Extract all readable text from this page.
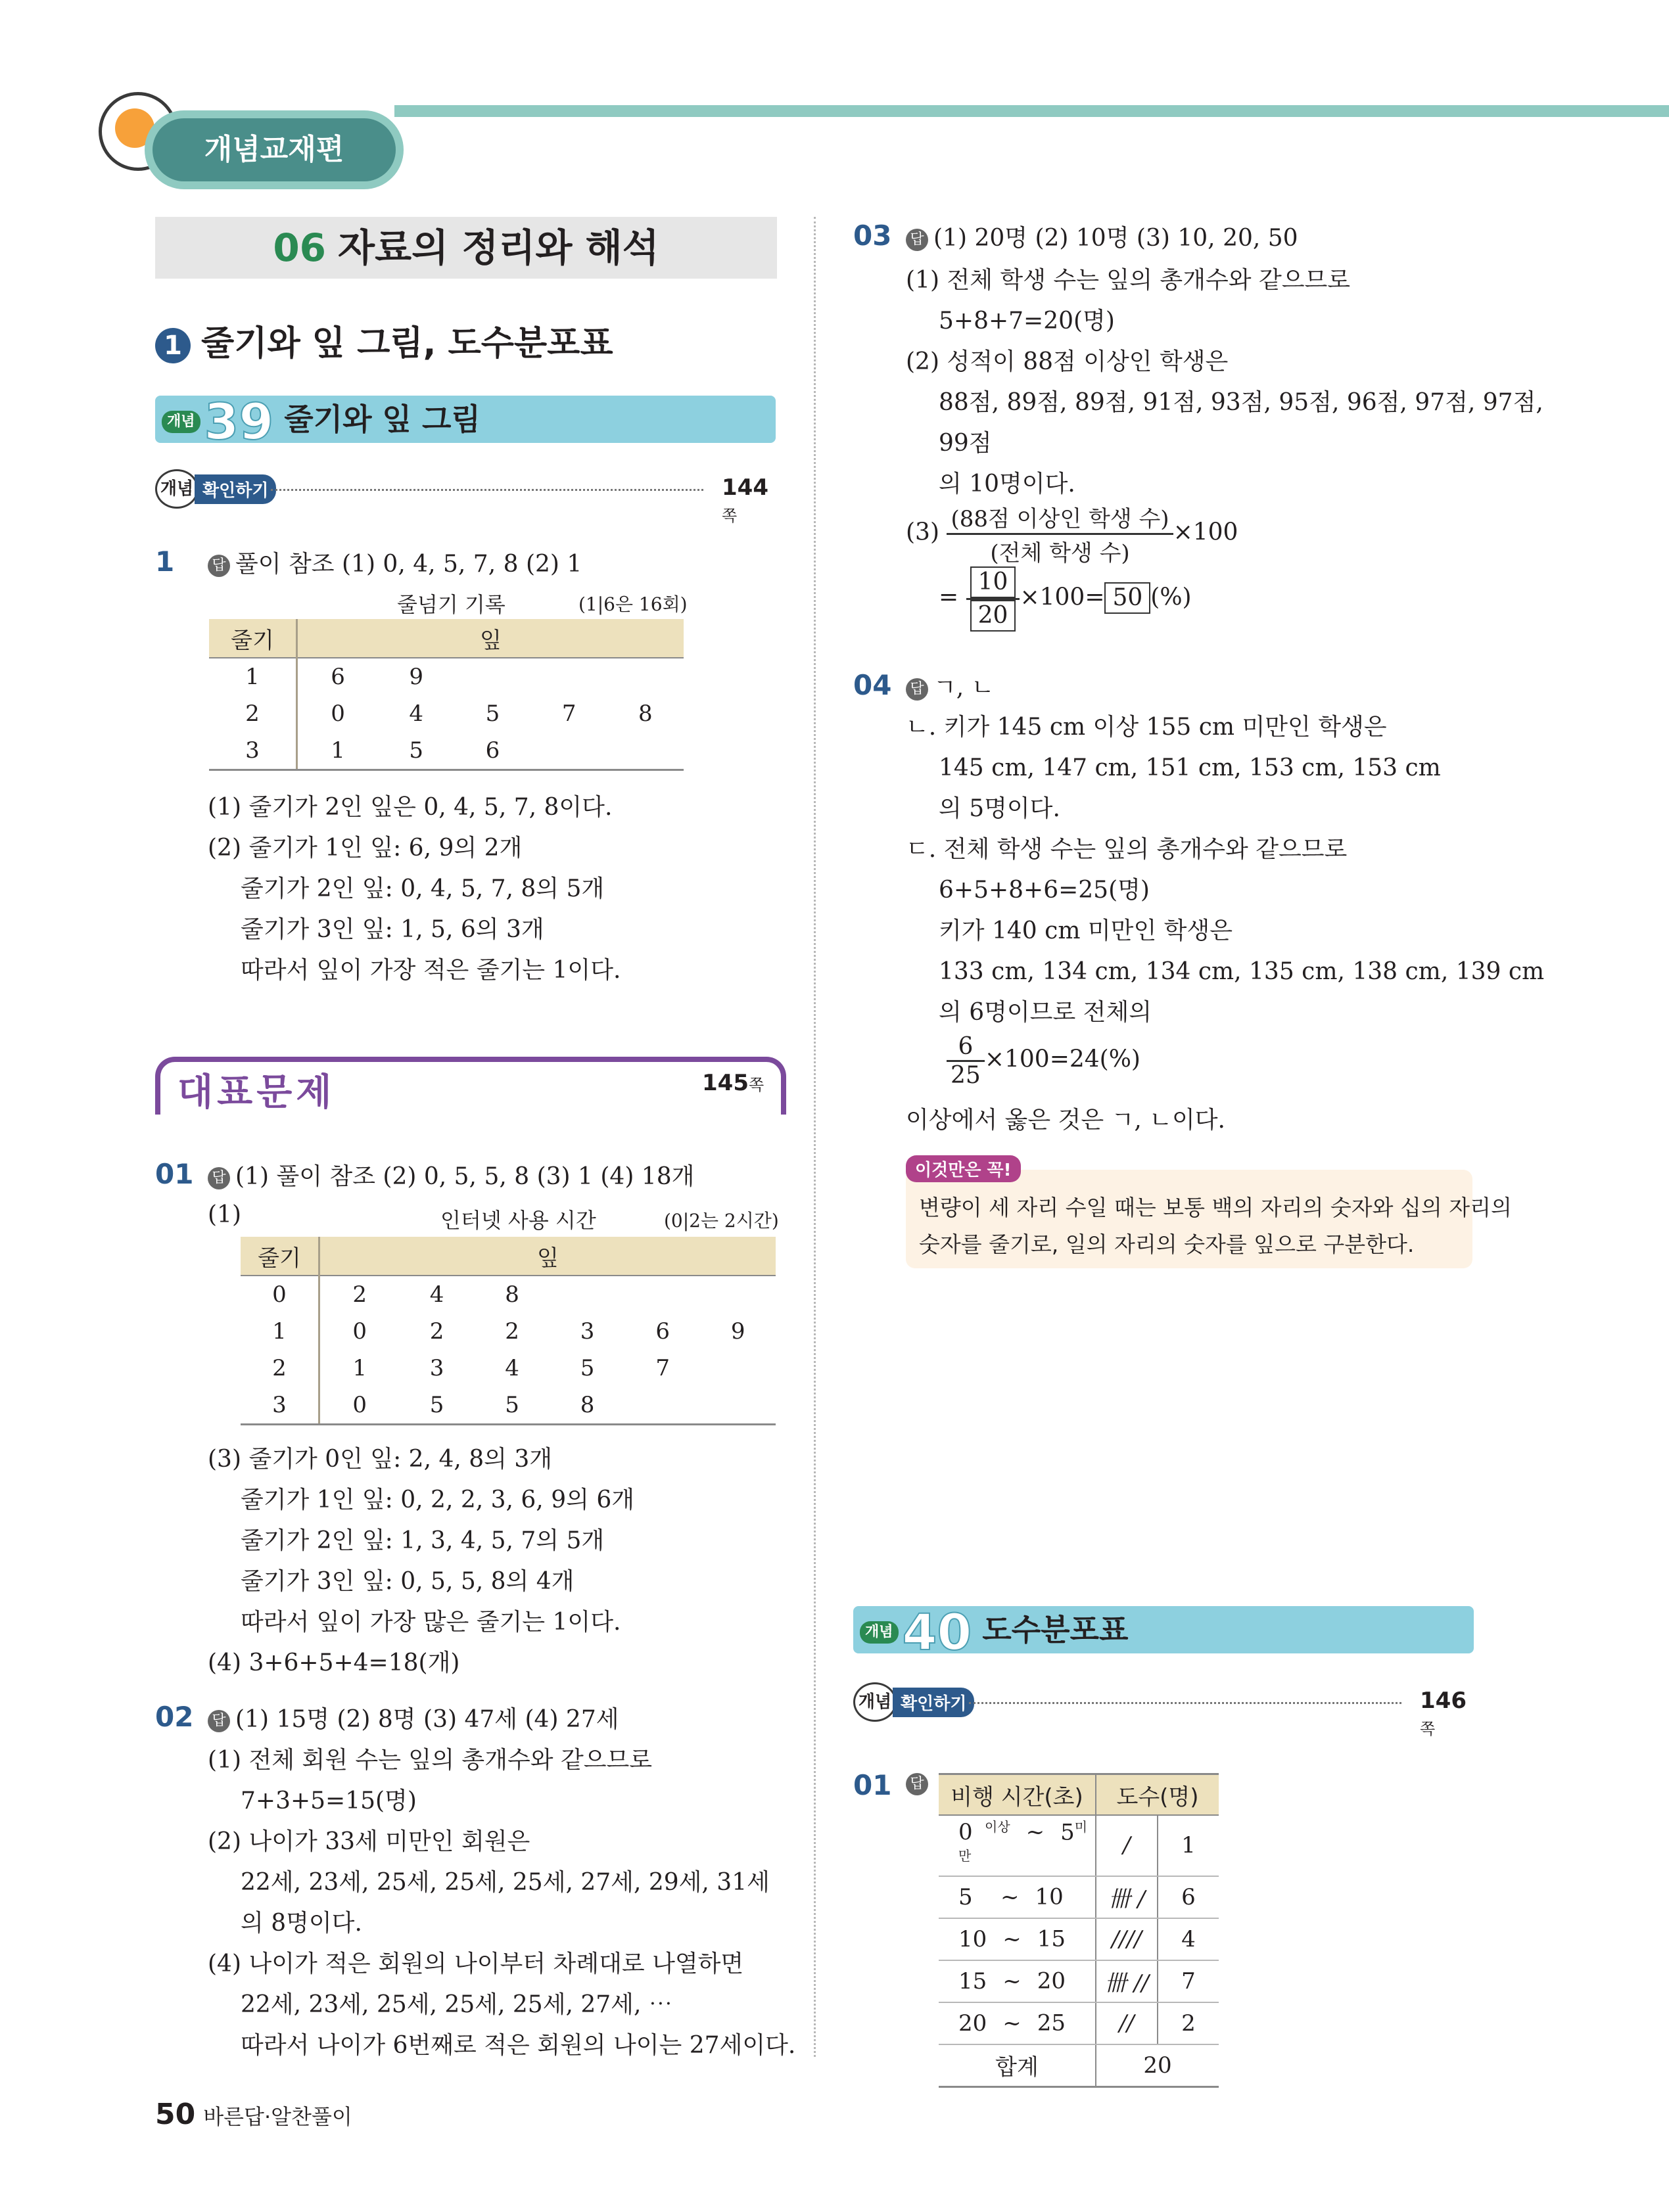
개념교재편
06 자료의 정리와 해석
1 줄기와 잎 그림, 도수분포표
개념 39 줄기와 잎 그림
개념 확인하기	144쪽
1	답 풀이 참조 (1) 0, 4, 5, 7, 8 (2) 1
줄넘기 기록	(1|6은 16회)
줄기	잎				
1	6	9			
2	0	4	5	7	8
3	1	5	6		
(1) 줄기가 2인 잎은 0, 4, 5, 7, 8이다.
(2) 줄기가 1인 잎: 6, 9의 2개
줄기가 2인 잎: 0, 4, 5, 7, 8의 5개
줄기가 3인 잎: 1, 5, 6의 3개
따라서 잎이 가장 적은 줄기는 1이다.
대표문제	145쪽
01 답 (1) 풀이 참조 (2) 0, 5, 5, 8 (3) 1 (4) 18개
(1)	인터넷 사용 시간	(0|2는 2시간)
줄기	잎					
0	2	4	8			
1	0	2	2	3	6	9
2	1	3	4	5	7	
3	0	5	5	8		
(3) 줄기가 0인 잎: 2, 4, 8의 3개
줄기가 1인 잎: 0, 2, 2, 3, 6, 9의 6개
줄기가 2인 잎: 1, 3, 4, 5, 7의 5개
줄기가 3인 잎: 0, 5, 5, 8의 4개
따라서 잎이 가장 많은 줄기는 1이다.
(4) 3+6+5+4=18(개)
02 답 (1) 15명 (2) 8명 (3) 47세 (4) 27세
(1) 전체 회원 수는 잎의 총개수와 같으므로
7+3+5=15(명)
(2) 나이가 33세 미만인 회원은
22세, 23세, 25세, 25세, 25세, 27세, 29세, 31세
의 8명이다.
(4) 나이가 적은 회원의 나이부터 차례대로 나열하면
22세, 23세, 25세, 25세, 25세, 27세, ⋯
따라서 나이가 6번째로 적은 회원의 나이는 27세이다.
03 답 (1) 20명 (2) 10명 (3) 10, 20, 50
(1) 전체 학생 수는 잎의 총개수와 같으므로
5+8+7=20(명)
(2) 성적이 88점 이상인 학생은
88점, 89점, 89점, 91점, 93점, 95점, 96점, 97점, 97점,
99점
의 10명이다.
$(3) \frac{\text{(88점 이상인 학생 수)}}{\text{(전체 학생 수)}} \times 100$
= $\frac{10}{20} \times 100= 50$ (%)
04 답 ㄱ, ㄴ
ㄴ. 키가 145 cm 이상 155 cm 미만인 학생은
145 cm, 147 cm, 151 cm, 153 cm, 153 cm
의 5명이다.
ㄷ. 전체 학생 수는 잎의 총개수와 같으므로
6+5+8+6=25(명)
키가 140 cm 미만인 학생은
133 cm, 134 cm, 134 cm, 135 cm, 138 cm, 139 cm
의 6명이므로 전체의
$\frac{6}{25} \times 100=24(\%)$
이상에서 옳은 것은 ㄱ, ㄴ이다.
이것만은 꼭!
변량이 세 자리 수일 때는 보통 백의 자리의 숫자와 십의 자리의
숫자를 줄기로, 일의 자리의 숫자를 잎으로 구분한다.
개념 40 도수분포표
개념 확인하기	146쪽
01 답	비행 시간(초)	도수(명)	
0 $^{이상}$ ~ $5^{미만}$	/	1
5 ~ 10	卌 /	6
10 ~ 15	////	4
15 ~ 20	卌 //	7
20 ~ 25	//	2
합계	20	
50 바른답·알찬풀이
